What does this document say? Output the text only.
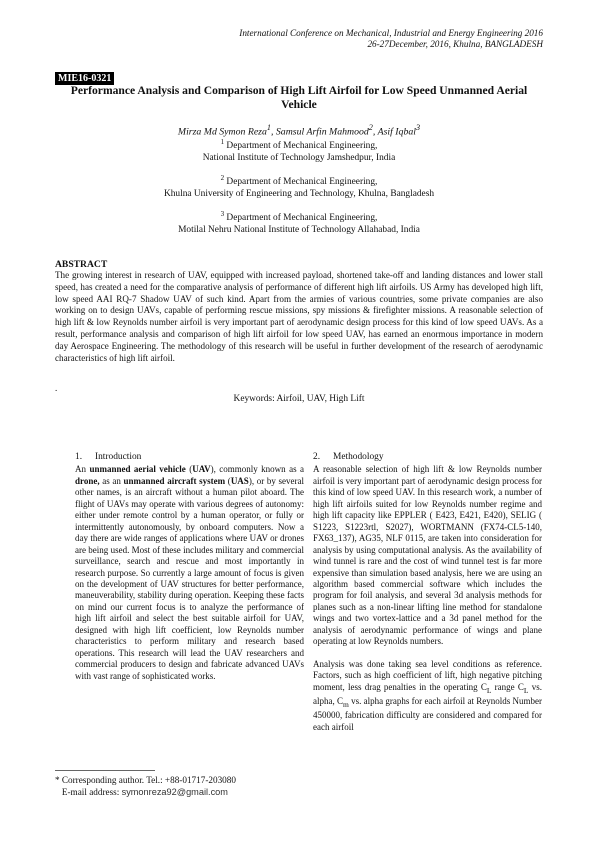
International Conference on Mechanical, Industrial and Energy Engineering 2016
26-27December, 2016, Khulna, BANGLADESH
MIE16-0321
Performance Analysis and Comparison of High Lift Airfoil for Low Speed Unmanned Aerial Vehicle
Mirza Md Symon Reza$^1$, Samsul Arfin Mahmood$^2$, Asif Iqbal$^3$
$^1$ Department of Mechanical Engineering,
National Institute of Technology Jamshedpur, India
$^2$ Department of Mechanical Engineering,
Khulna University of Engineering and Technology, Khulna, Bangladesh
$^3$ Department of Mechanical Engineering,
Motilal Nehru National Institute of Technology Allahabad, India
ABSTRACT

The growing interest in research of UAV, equipped with increased payload, shortened take-off and landing distances and lower stall speed, has created a need for the comparative analysis of performance of different high lift airfoils. US Army has developed high lift, low speed AAI RQ-7 Shadow UAV of such kind. Apart from the armies of various countries, some private companies are also working on to design UAVs, capable of performing rescue missions, spy missions & firefighter missions. A reasonable selection of high lift & low Reynolds number airfoil is very important part of aerodynamic design process for this kind of low speed UAVs. As a result, performance analysis and comparison of high lift airfoil for low speed UAV, has earned an enormous importance in modern day Aerospace Engineering. The methodology of this research will be useful in further development of the research of aerodynamic characteristics of high lift airfoil.

.
Keywords: Airfoil, UAV, High Lift
1. Introduction

An unmanned aerial vehicle (UAV), commonly known as a drone, as an unmanned aircraft system (UAS), or by several other names, is an aircraft without a human pilot aboard. The flight of UAVs may operate with various degrees of autonomy: either under remote control by a human operator, or fully or intermittently autonomously, by onboard computers. Now a day there are wide ranges of applications where UAV or drones are being used. Most of these includes military and commercial surveillance, search and rescue and most importantly in research purpose. So currently a large amount of focus is given on the development of UAV structures for better performance, maneuverability, stability during operation. Keeping these facts on mind our current focus is to analyze the performance of high lift airfoil and select the best suitable airfoil for UAV, designed with high lift coefficient, low Reynolds number characteristics to perform military and research based operations. This research will lead the UAV researchers and commercial producers to design and fabricate advanced UAVs with vast range of sophisticated works.

2. Methodology

A reasonable selection of high lift & low Reynolds number airfoil is very important part of aerodynamic design process for this kind of low speed UAV. In this research work, a number of high lift airfoils suited for low Reynolds number regime and high lift capacity like EPPLER ( E423, E421, E420), SELIG ( S1223, S1223rtl, S2027), WORTMANN (FX74-CL5-140, FX63_137), AG35, NLF 0115, are taken into consideration for analysis by using computational analysis. As the availability of wind tunnel is rare and the cost of wind tunnel test is far more expensive than simulation based analysis, here we are using an algorithm based commercial software which includes the program for foil analysis, and several 3d analysis methods for planes such as a non-linear lifting line method for standalone wings and two vortex-lattice and a 3d panel method for the analysis of aerodynamic performance of wings and plane operating at low Reynolds numbers.

Analysis was done taking sea level conditions as reference. Factors, such as high coefficient of lift, high negative pitching moment, less drag penalties in the operating $C_L$ range $C_L$ vs. alpha, $C_m$ vs. alpha graphs for each airfoil at Reynolds Number 450000, fabrication difficulty are considered and compared for each airfoil

* Corresponding author. Tel.: +88-01717-203080
E-mail address: symonreza92@gmail.com
